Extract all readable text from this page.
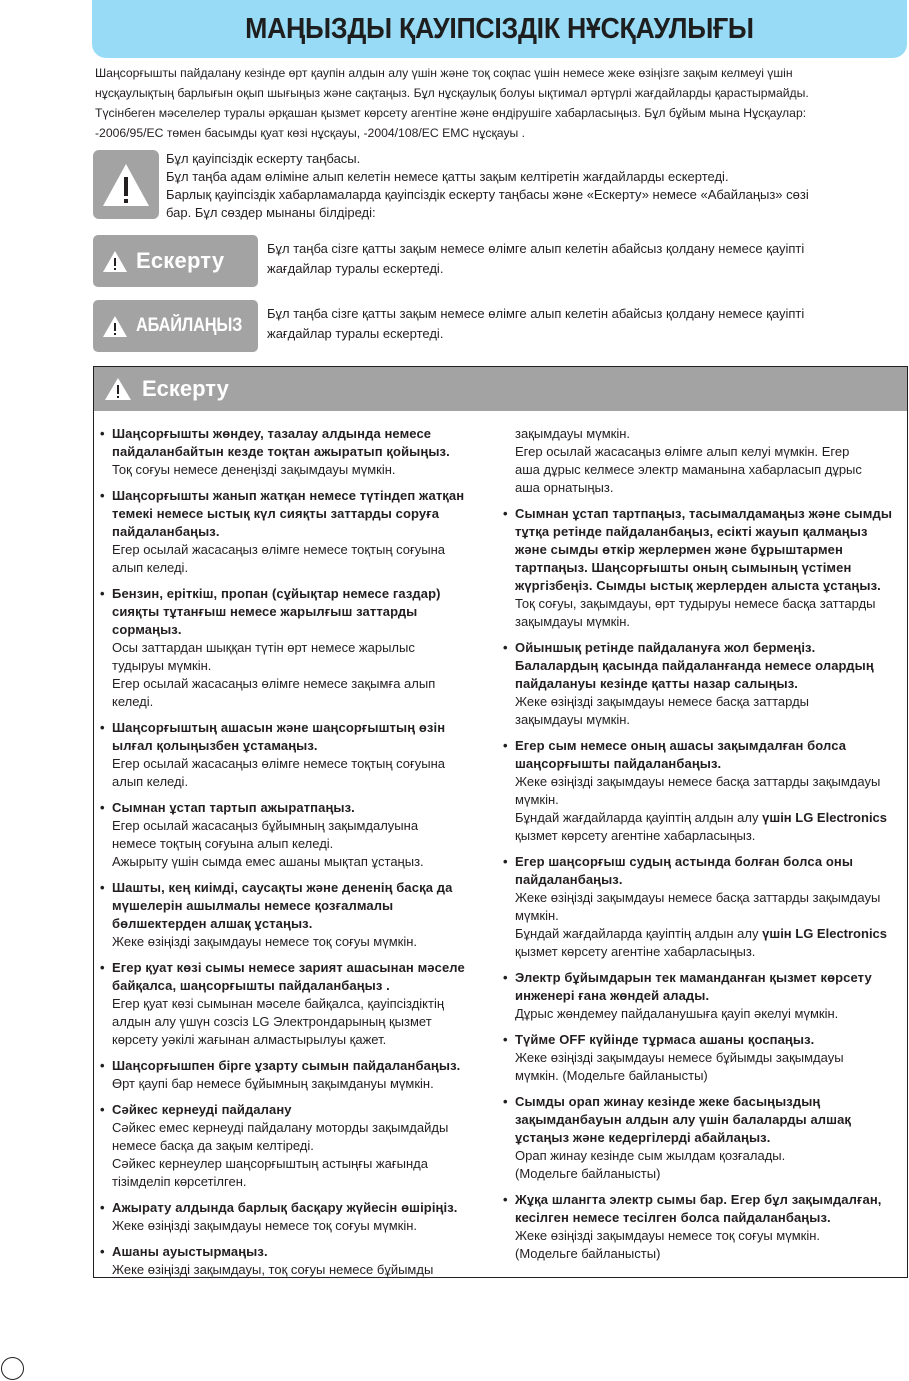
МАҢЫЗДЫ ҚАУІПСІЗДІК НҰСҚАУЛЫҒЫ

Шаңсорғышты пайдалану кезінде өрт қаупін алдын алу үшін және тоқ соқпас үшін немесе жеке өзіңізге зақым келмеуі үшін

нұсқаулықтың барлығын оқып шығыңыз және сақтаңыз. Бұл нұсқаулық болуы ықтимал әртүрлі жағдайларды қарастырмайды.

Түсінбеген мәселелер туралы әрқашан қызмет көрсету агентіне және өндірушіге хабарласыңыз. Бұл бұйым мына Нұсқаулар:

-2006/95/EC төмен басымды қуат көзі нұсқауы, -2004/108/EC EMC нұсқауы .

Бұл қауіпсіздік ескерту таңбасы.
Бұл таңба адам өліміне алып келетін немесе қатты зақым келтіретін жағдайларды ескертеді.
Барлық қауіпсіздік хабарламаларда қауіпсіздік ескерту таңбасы және «Ескерту» немесе «Абайлаңыз» сөзі
бар. Бұл сөздер мынаны білдіреді:
Ескерту	Бұл таңба сізге қатты зақым немесе өлімге алып келетін абайсыз қолдану немесе қауіпті
жағдайлар туралы ескертеді.
АБАЙЛАҢЫЗ
Бұл таңба сізге қатты зақым немесе өлімге алып келетін абайсыз қолдану немесе қауіпті
жағдайлар туралы ескертеді.
Ескерту
• Шаңсорғышты жөндеу, тазалау алдында немесе
пайдаланбайтын кезде тоқтан ажыратып қойыңыз.
Тоқ соғуы немесе денеңізді зақымдауы мүмкін.
• Шаңсорғышты жанып жатқан немесе түтіндеп жатқан
темекі немесе ыстық күл сияқты заттарды соруға
пайдаланбаңыз.
Егер осылай жасасаңыз өлімге немесе тоқтың соғуына
алып келеді.
• Бензин, еріткіш, пропан (сұйықтар немесе газдар)
сияқты тұтанғыш немесе жарылғыш заттарды
сормаңыз.
Осы заттардан шыққан түтін өрт немесе жарылыс
тудыруы мүмкін.
Егер осылай жасасаңыз өлімге немесе зақымға алып
келеді.
• Шаңсорғыштың ашасын және шаңсорғыштың өзін
ылғал қолыңызбен ұстамаңыз.
Егер осылай жасасаңыз өлімге немесе тоқтың соғуына
алып келеді.
• Сымнан ұстап тартып ажыратпаңыз.
Егер осылай жасасаңыз бұйымның зақымдалуына
немесе тоқтың соғуына алып келеді.
Ажырыту үшін сымда емес ашаны мықтап ұстаңыз.
• Шашты, кең киімді, саусақты және дененің басқа да
мүшелерін ашылмалы немесе қозғалмалы
бөлшектерден алшақ ұстаңыз.
Жеке өзіңізді зақымдауы немесе тоқ соғуы мүмкін.
• Егер қуат көзі сымы немесе зарият ашасынан мәселе
байқалса, шаңсорғышты пайдаланбаңыз .
Егер қуат көзі сымынан мәселе байқалса, қауіпсіздіктің
алдын алу үшүн созсіз LG Электрондарының қызмет
көрсету уәкілі жағынан алмастырылуы қажет.
• Шаңсорғышпен бірге ұзарту сымын пайдаланбаңыз.
Өрт қаупі бар немесе бұйымның зақымдануы мүмкін.
• Сәйкес кернеуді пайдалану
Сәйкес емес кернеуді пайдалану моторды зақымдайды
немесе басқа да зақым келтіреді.
Сәйкес кернеулер шаңсорғыштың астыңғы жағында
тізімделіп көрсетілген.
• Ажырату алдында барлық басқару жүйесін өшіріңіз.
Жеке өзіңізді зақымдауы немесе тоқ соғуы мүмкін.
• Ашаны ауыстырмаңыз.
Жеке өзіңізді зақымдауы, тоқ соғуы немесе бұйымды
зақымдауы мүмкін.
Егер осылай жасасаңыз өлімге алып келуі мүмкін. Егер
аша дұрыс келмесе электр маманына хабарласып дұрыс
аша орнатыңыз.
• Сымнан ұстап тартпаңыз, тасымалдамаңыз және сымды
тұтқа ретінде пайдаланбаңыз, есікті жауып қалмаңыз
және сымды өткір жерлермен және бұрыштармен
тартпаңыз. Шаңсорғышты оның сымының үстімен
жүргізбеңіз. Сымды ыстық жерлерден алыста ұстаңыз.
Тоқ соғуы, зақымдауы, өрт тудыруы немесе басқа заттарды
зақымдауы мүмкін.
• Ойыншық ретінде пайдалануға жол бермеңіз.
Балалардың қасында пайдаланғанда немесе олардың
пайдалануы кезінде қатты назар салыңыз.
Жеке өзіңізді зақымдауы немесе басқа заттарды
зақымдауы мүмкін.
• Егер сым немесе оның ашасы зақымдалған болса
шаңсорғышты пайдаланбаңыз.
Жеке өзіңізді зақымдауы немесе басқа заттарды зақымдауы
мүмкін.
Бұндай жағдайларда қауіптің алдын алу үшін LG Electronics
қызмет көрсету агентіне хабарласыңыз.
• Егер шаңсорғыш судың астында болған болса оны
пайдаланбаңыз.
Жеке өзіңізді зақымдауы немесе басқа заттарды зақымдауы
мүмкін.
Бұндай жағдайларда қауіптің алдын алу үшін LG Electronics
қызмет көрсету агентіне хабарласыңыз.
• Электр бұйымдарын тек маманданған қызмет көрсету
инженері ғана жөндей алады.
Дұрыс жөндемеу пайдаланушыға қауіп әкелуі мүмкін.
• Түйме OFF күйінде тұрмаса ашаны қоспаңыз.
Жеке өзіңізді зақымдауы немесе бұйымды зақымдауы
мүмкін. (Модельге байланысты)
• Сымды орап жинау кезінде жеке басыңыздың
зақымданбауын алдын алу үшін балаларды алшақ
ұстаңыз және кедергілерді абайлаңыз.
Орап жинау кезінде сым жылдам қозғалады.
(Модельге байланысты)
• Жұқа шлангта электр сымы бар. Егер бұл зақымдалған,
кесілген немесе тесілген болса пайдаланбаңыз.
Жеке өзіңізді зақымдауы немесе тоқ соғуы мүмкін.
(Модельге байланысты)
